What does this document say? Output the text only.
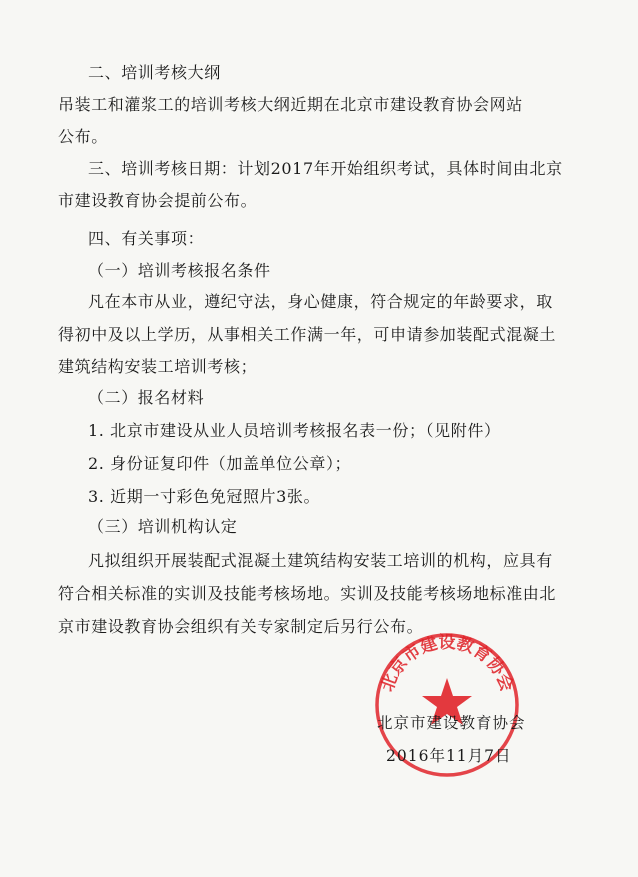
二、培训考核大纲
吊装工和灌浆工的培训考核大纲近期在北京市建设教育协会网站
公布。
三、培训考核日期：计划2017年开始组织考试，具体时间由北京
市建设教育协会提前公布。
四、有关事项：
（一）培训考核报名条件
凡在本市从业，遵纪守法，身心健康，符合规定的年龄要求，取
得初中及以上学历，从事相关工作满一年，可申请参加装配式混凝土
建筑结构安装工培训考核；
（二）报名材料
1. 北京市建设从业人员培训考核报名表一份；（见附件）
2. 身份证复印件（加盖单位公章）；
3. 近期一寸彩色免冠照片3张。
（三）培训机构认定
凡拟组织开展装配式混凝土建筑结构安装工培训的机构，应具有
符合相关标准的实训及技能考核场地。实训及技能考核场地标准由北
京市建设教育协会组织有关专家制定后另行公布。
北京市建设教育协会
北京市建设教育协会
2016年11月7日
